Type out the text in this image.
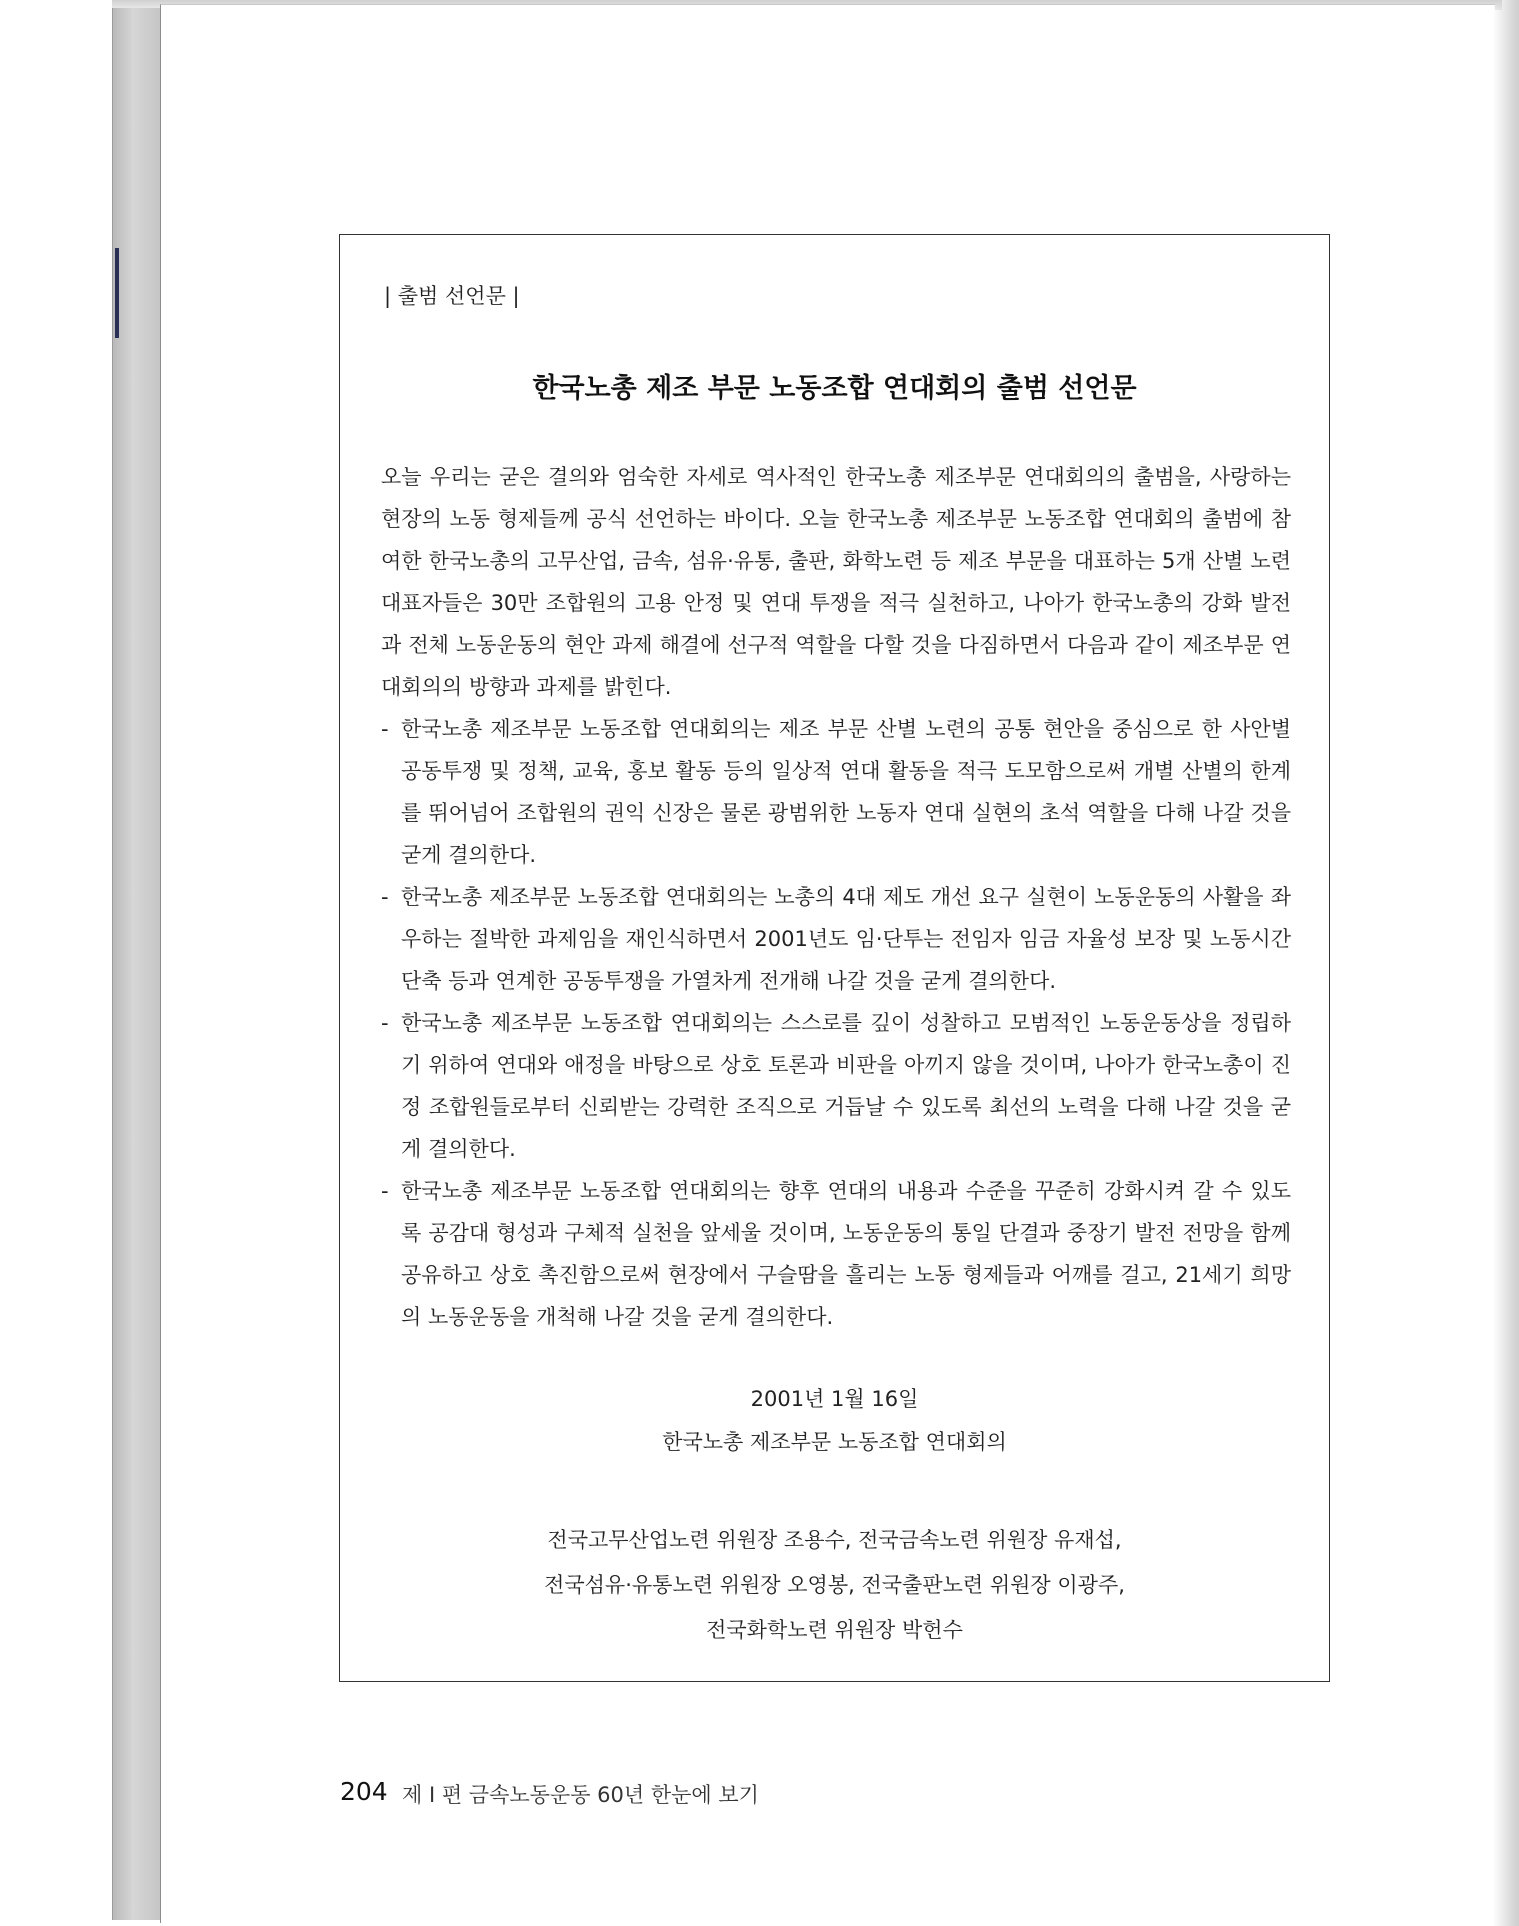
| 출범 선언문 |
한국노총 제조 부문 노동조합 연대회의 출범 선언문

오늘 우리는 굳은 결의와 엄숙한 자세로 역사적인 한국노총 제조부문 연대회의의 출범을, 사랑하는 현장의 노동 형제들께 공식 선언하는 바이다. 오늘 한국노총 제조부문 노동조합 연대회의 출범에 참여한 한국노총의 고무산업, 금속, 섬유·유통, 출판, 화학노련 등 제조 부문을 대표하는 5개 산별 노련 대표자들은 30만 조합원의 고용 안정 및 연대 투쟁을 적극 실천하고, 나아가 한국노총의 강화 발전과 전체 노동운동의 현안 과제 해결에 선구적 역할을 다할 것을 다짐하면서 다음과 같이 제조부문 연대회의의 방향과 과제를 밝힌다.

- 한국노총 제조부문 노동조합 연대회의는 제조 부문 산별 노련의 공통 현안을 중심으로 한 사안별 공동투쟁 및 정책, 교육, 홍보 활동 등의 일상적 연대 활동을 적극 도모함으로써 개별 산별의 한계를 뛰어넘어 조합원의 권익 신장은 물론 광범위한 노동자 연대 실현의 초석 역할을 다해 나갈 것을 굳게 결의한다.
- 한국노총 제조부문 노동조합 연대회의는 노총의 4대 제도 개선 요구 실현이 노동운동의 사활을 좌우하는 절박한 과제임을 재인식하면서 2001년도 임·단투는 전임자 임금 자율성 보장 및 노동시간 단축 등과 연계한 공동투쟁을 가열차게 전개해 나갈 것을 굳게 결의한다.
- 한국노총 제조부문 노동조합 연대회의는 스스로를 깊이 성찰하고 모범적인 노동운동상을 정립하기 위하여 연대와 애정을 바탕으로 상호 토론과 비판을 아끼지 않을 것이며, 나아가 한국노총이 진정 조합원들로부터 신뢰받는 강력한 조직으로 거듭날 수 있도록 최선의 노력을 다해 나갈 것을 굳게 결의한다.
- 한국노총 제조부문 노동조합 연대회의는 향후 연대의 내용과 수준을 꾸준히 강화시켜 갈 수 있도록 공감대 형성과 구체적 실천을 앞세울 것이며, 노동운동의 통일 단결과 중장기 발전 전망을 함께 공유하고 상호 촉진함으로써 현장에서 구슬땀을 흘리는 노동 형제들과 어깨를 걸고, 21세기 희망의 노동운동을 개척해 나갈 것을 굳게 결의한다.
2001년 1월 16일
한국노총 제조부문 노동조합 연대회의
전국고무산업노련 위원장 조용수, 전국금속노련 위원장 유재섭,
전국섬유·유통노련 위원장 오영봉, 전국출판노련 위원장 이광주,
전국화학노련 위원장 박헌수
204 제 I 편 금속노동운동 60년 한눈에 보기
